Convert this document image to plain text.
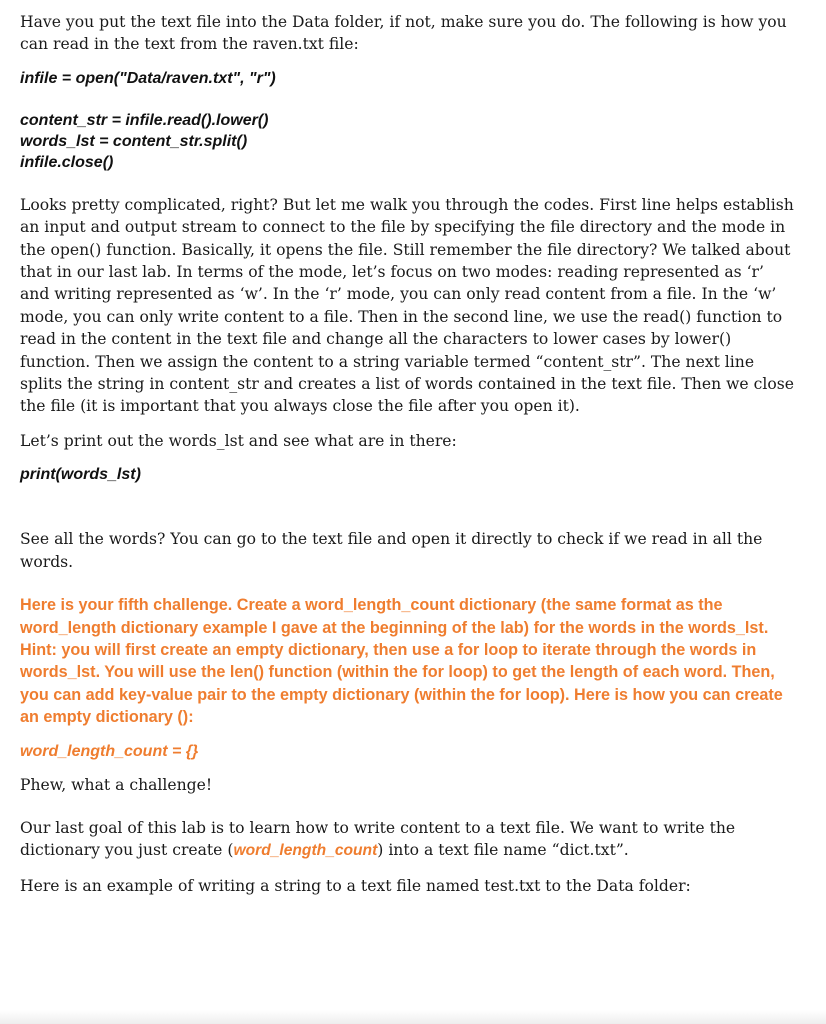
Have you put the text file into the Data folder, if not, make sure you do. The following is how you can read in the text from the raven.txt file:

infile = open("Data/raven.txt", "r")

content_str = infile.read().lower()

words_lst = content_str.split()

infile.close()

Looks pretty complicated, right? But let me walk you through the codes. First line helps establish an input and output stream to connect to the file by specifying the file directory and the mode in the open() function. Basically, it opens the file. Still remember the file directory? We talked about that in our last lab. In terms of the mode, let’s focus on two modes: reading represented as ‘r’ and writing represented as ‘w’. In the ‘r’ mode, you can only read content from a file. In the ‘w’ mode, you can only write content to a file. Then in the second line, we use the read() function to read in the content in the text file and change all the characters to lower cases by lower() function. Then we assign the content to a string variable termed “content_str”. The next line splits the string in content_str and creates a list of words contained in the text file. Then we close the file (it is important that you always close the file after you open it).

Let’s print out the words_lst and see what are in there:

print(words_lst)

See all the words? You can go to the text file and open it directly to check if we read in all the words.

Here is your fifth challenge. Create a word_length_count dictionary (the same format as the word_length dictionary example I gave at the beginning of the lab) for the words in the words_lst. Hint: you will first create an empty dictionary, then use a for loop to iterate through the words in words_lst. You will use the len() function (within the for loop) to get the length of each word. Then, you can add key-value pair to the empty dictionary (within the for loop). Here is how you can create an empty dictionary ():

word_length_count = {}

Phew, what a challenge!

Our last goal of this lab is to learn how to write content to a text file. We want to write the dictionary you just create (word_length_count) into a text file name “dict.txt”.

Here is an example of writing a string to a text file named test.txt to the Data folder:
